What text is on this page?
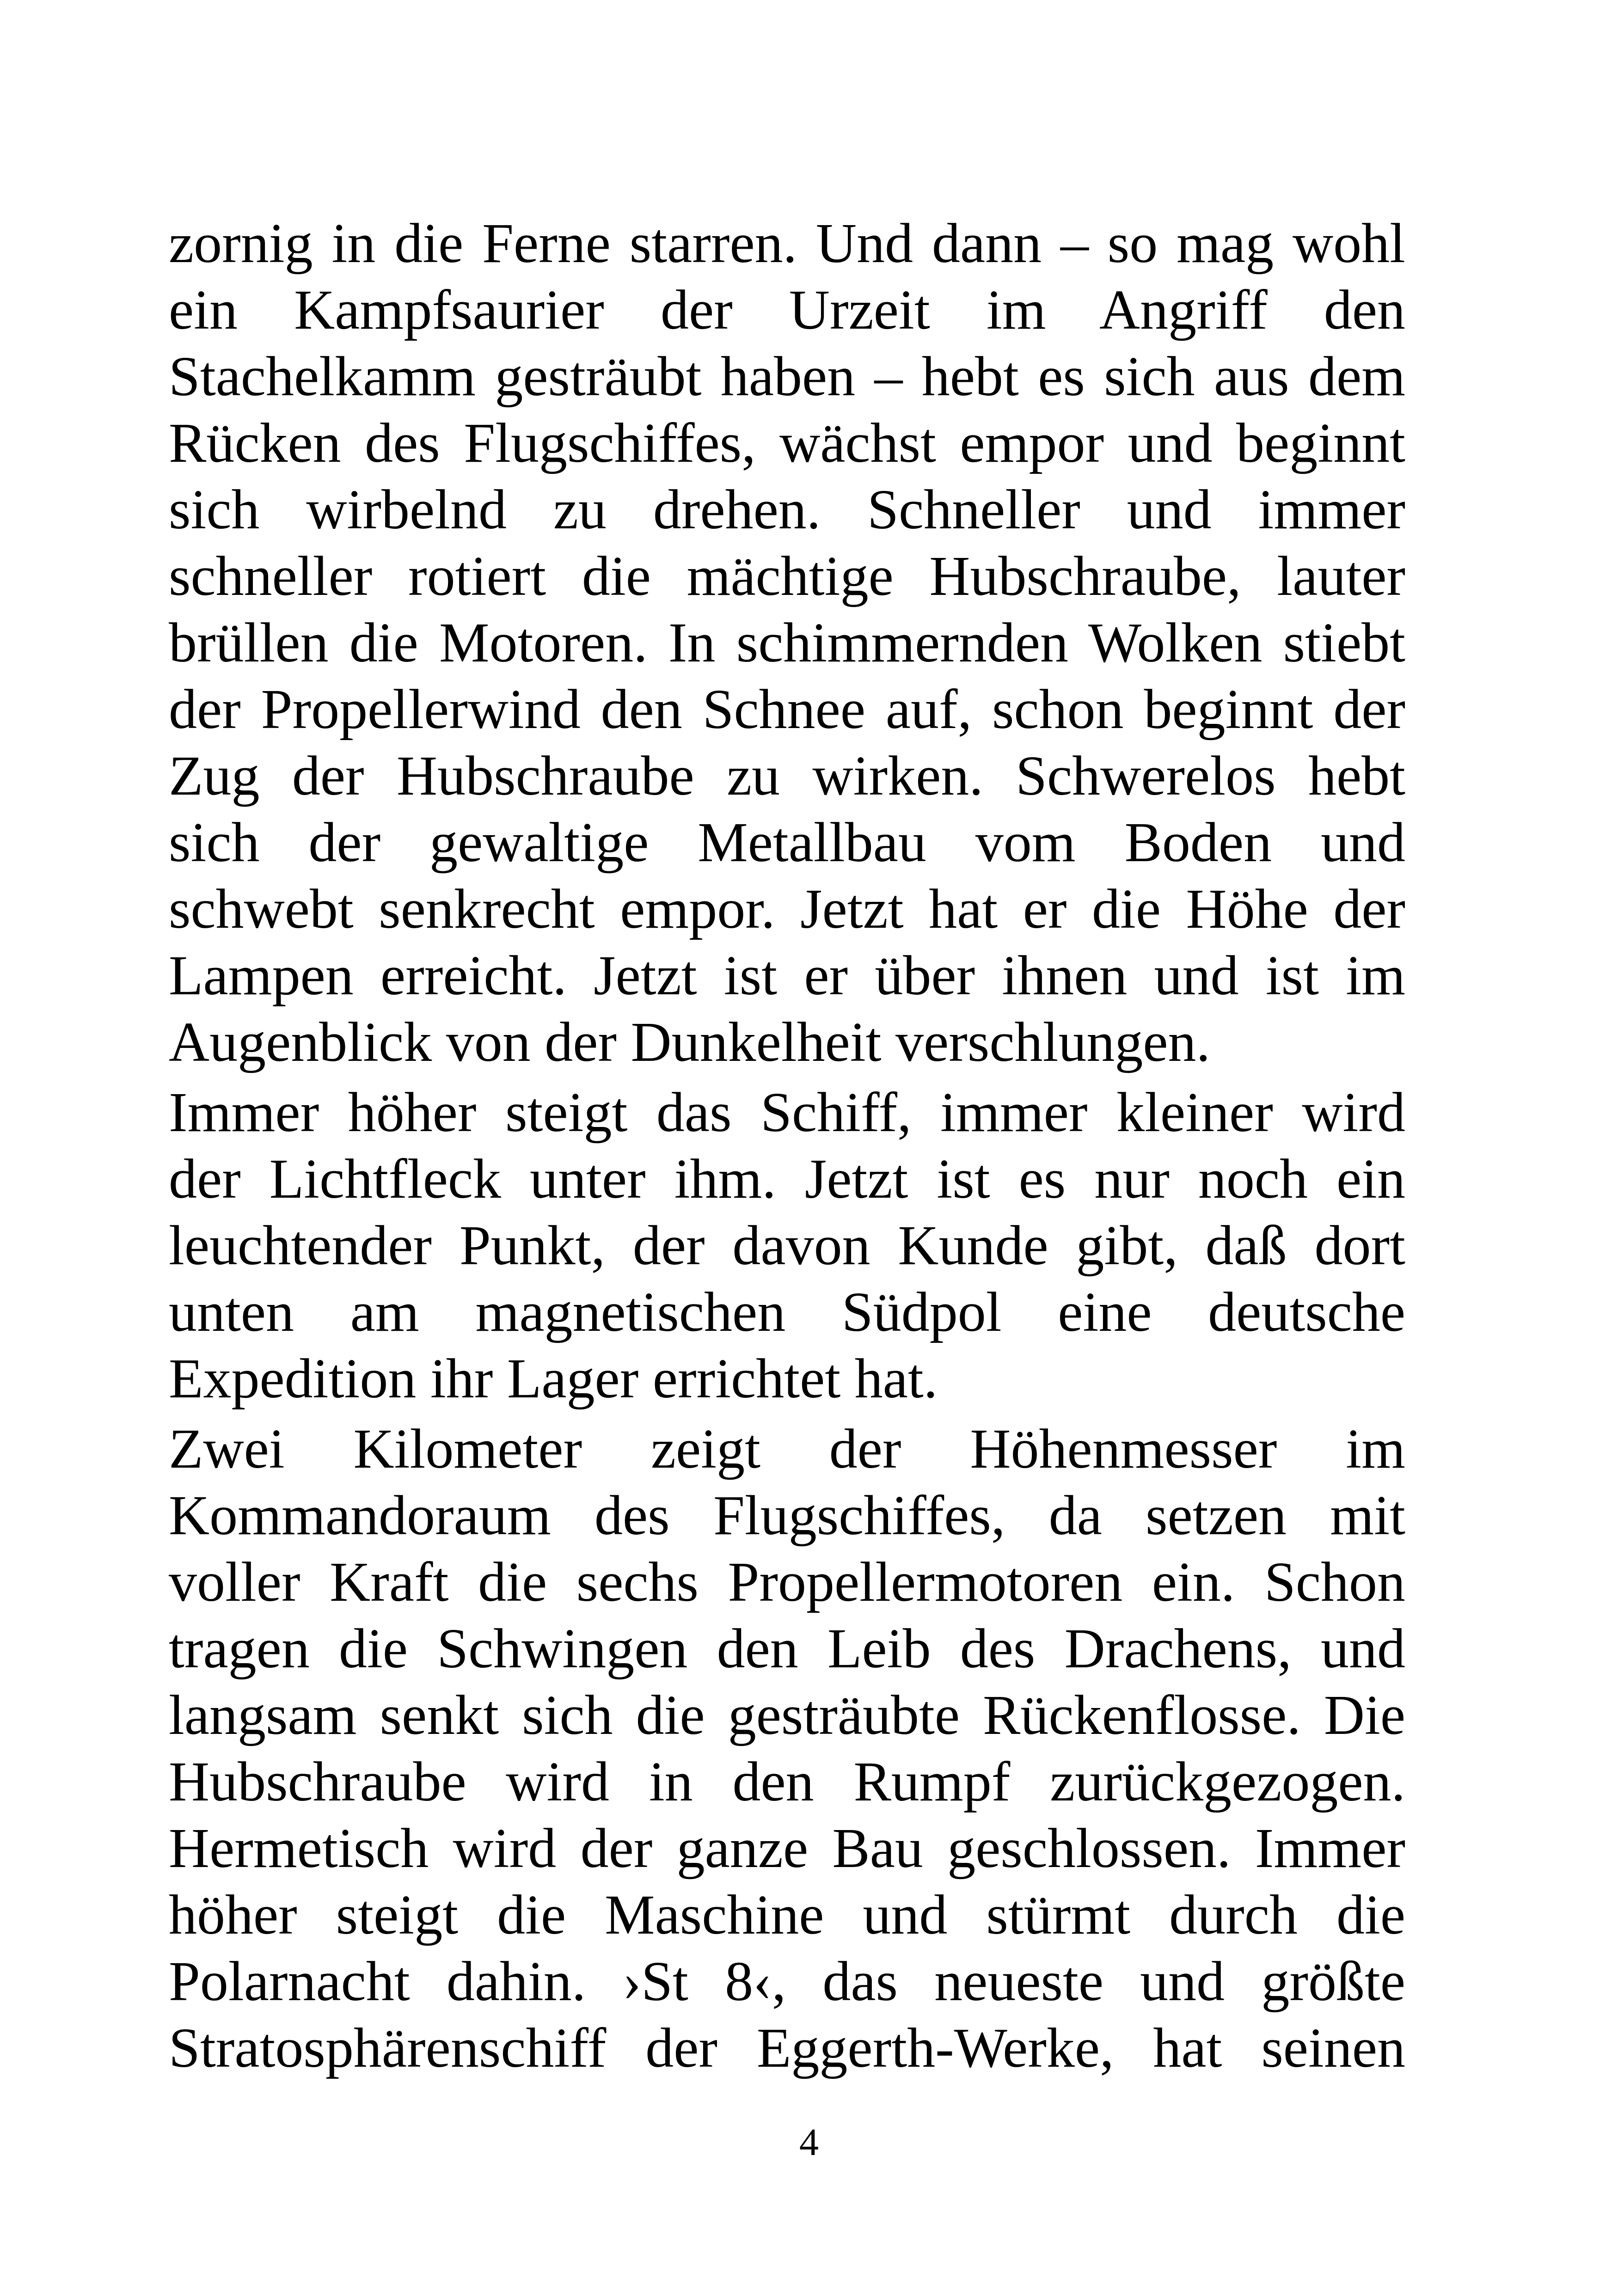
zornig in die Ferne starren. Und dann – so mag wohl
ein Kampfsaurier der Urzeit im Angriff den
Stachelkamm gesträubt haben – hebt es sich aus dem
Rücken des Flugschiffes, wächst empor und beginnt
sich wirbelnd zu drehen. Schneller und immer
schneller rotiert die mächtige Hubschraube, lauter
brüllen die Motoren. In schimmernden Wolken stiebt
der Propellerwind den Schnee auf, schon beginnt der
Zug der Hubschraube zu wirken. Schwerelos hebt
sich der gewaltige Metallbau vom Boden und
schwebt senkrecht empor. Jetzt hat er die Höhe der
Lampen erreicht. Jetzt ist er über ihnen und ist im
Augenblick von der Dunkelheit verschlungen.
Immer höher steigt das Schiff, immer kleiner wird
der Lichtfleck unter ihm. Jetzt ist es nur noch ein
leuchtender Punkt, der davon Kunde gibt, daß dort
unten am magnetischen Südpol eine deutsche
Expedition ihr Lager errichtet hat.
Zwei Kilometer zeigt der Höhenmesser im
Kommandoraum des Flugschiffes, da setzen mit
voller Kraft die sechs Propellermotoren ein. Schon
tragen die Schwingen den Leib des Drachens, und
langsam senkt sich die gesträubte Rückenflosse. Die
Hubschraube wird in den Rumpf zurückgezogen.
Hermetisch wird der ganze Bau geschlossen. Immer
höher steigt die Maschine und stürmt durch die
Polarnacht dahin. ›St 8‹, das neueste und größte
Stratosphärenschiff der Eggerth-Werke, hat seinen
4
